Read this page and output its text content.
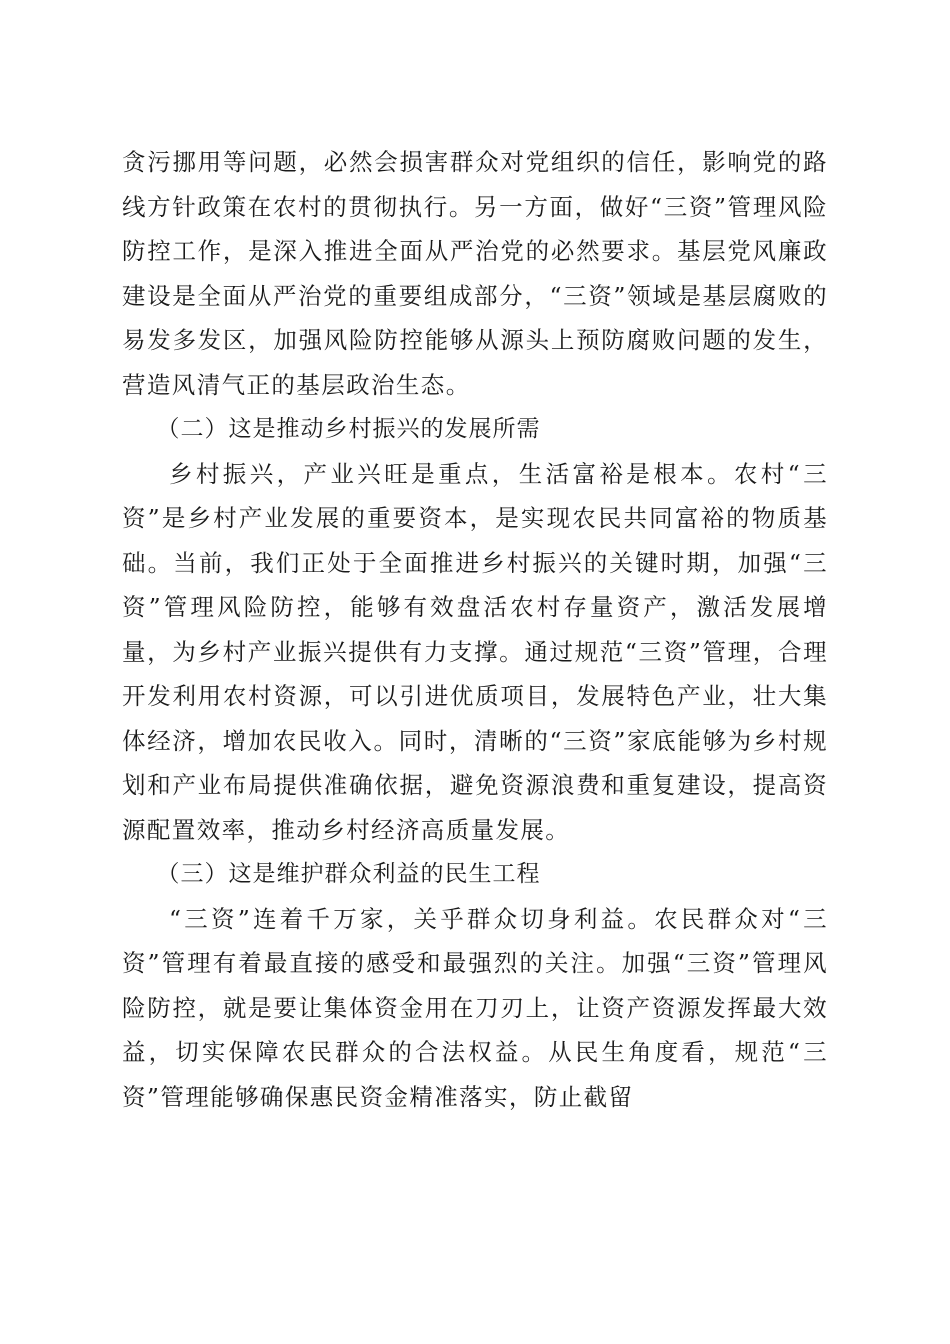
贪污挪用等问题，必然会损害群众对党组织的信任，影响党的路线方针政策在农村的贯彻执行。另一方面，做好“三资”管理风险防控工作，是深入推进全面从严治党的必然要求。基层党风廉政建设是全面从严治党的重要组成部分，“三资”领域是基层腐败的易发多发区，加强风险防控能够从源头上预防腐败问题的发生，营造风清气正的基层政治生态。

（二）这是推动乡村振兴的发展所需

乡村振兴，产业兴旺是重点，生活富裕是根本。农村“三资”是乡村产业发展的重要资本，是实现农民共同富裕的物质基础。当前，我们正处于全面推进乡村振兴的关键时期，加强“三资”管理风险防控，能够有效盘活农村存量资产，激活发展增量，为乡村产业振兴提供有力支撑。通过规范“三资”管理，合理开发利用农村资源，可以引进优质项目，发展特色产业，壮大集体经济，增加农民收入。同时，清晰的“三资”家底能够为乡村规划和产业布局提供准确依据，避免资源浪费和重复建设，提高资源配置效率，推动乡村经济高质量发展。

（三）这是维护群众利益的民生工程

“三资”连着千万家，关乎群众切身利益。农民群众对“三资”管理有着最直接的感受和最强烈的关注。加强“三资”管理风险防控，就是要让集体资金用在刀刃上，让资产资源发挥最大效益，切实保障农民群众的合法权益。从民生角度看，规范“三资”管理能够确保惠民资金精准落实，防止截留
